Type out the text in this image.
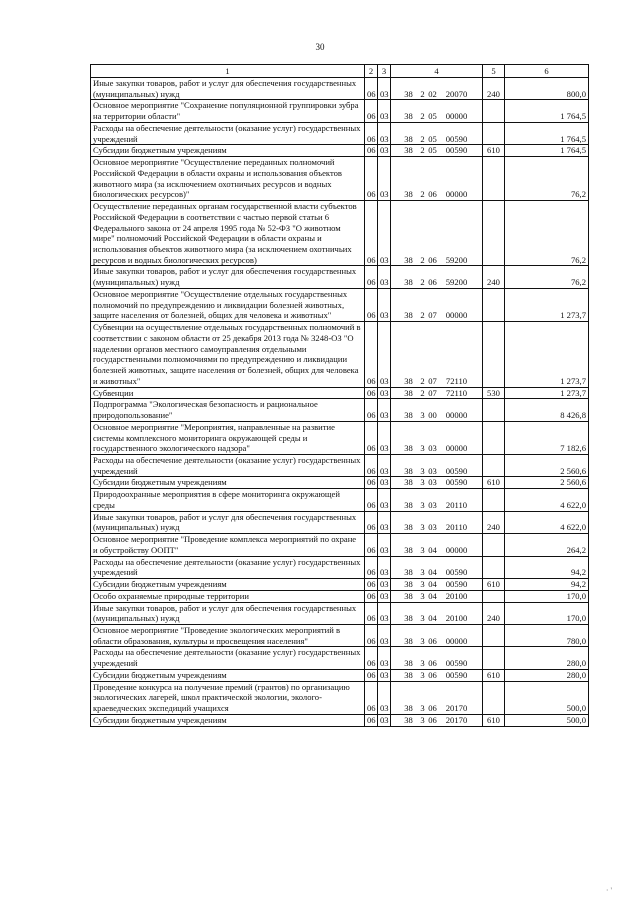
30
1	2	3	4	5	6
Иные закупки товаров, работ и услуг для обеспечения государственных (муниципальных) нужд	06	03	38 2 02 20070	240	800,0
Основное мероприятие "Сохранение популяционной группировки зубра на территории области"	06	03	38 2 05 00000		1 764,5
Расходы на обеспечение деятельности (оказание услуг) государственных учреждений	06	03	38 2 05 00590		1 764,5
Субсидии бюджетным учреждениям	06	03	38 2 05 00590	610	1 764,5
Основное мероприятие "Осуществление переданных полномочий Российской Федерации в области охраны и использования объектов животного мира (за исключением охотничьих ресурсов и водных биологических ресурсов)"	06	03	38 2 06 00000		76,2
Осуществление переданных органам государственной власти субъектов Российской Федерации в соответствии с частью первой статьи 6 Федерального закона от 24 апреля 1995 года № 52-ФЗ "О животном мире" полномочий Российской Федерации в области охраны и использования объектов животного мира (за исключением охотничьих ресурсов и водных биологических ресурсов)	06	03	38 2 06 59200		76,2
Иные закупки товаров, работ и услуг для обеспечения государственных (муниципальных) нужд	06	03	38 2 06 59200	240	76,2
Основное мероприятие "Осуществление отдельных государственных полномочий по предупреждению и ликвидации болезней животных, защите населения от болезней, общих для человека и животных"	06	03	38 2 07 00000		1 273,7
Субвенции на осуществление отдельных государственных полномочий в соответствии с законом области от 25 декабря 2013 года № 3248-ОЗ "О наделении органов местного самоуправления отдельными государственными полномочиями по предупреждению и ликвидации болезней животных, защите населения от болезней, общих для человека и животных"	06	03	38 2 07 72110		1 273,7
Субвенции	06	03	38 2 07 72110	530	1 273,7
Подпрограмма "Экологическая безопасность и рациональное природопользование"	06	03	38 3 00 00000		8 426,8
Основное мероприятие "Мероприятия, направленные на развитие системы комплексного мониторинга окружающей среды и государственного экологического надзора"	06	03	38 3 03 00000		7 182,6
Расходы на обеспечение деятельности (оказание услуг) государственных учреждений	06	03	38 3 03 00590		2 560,6
Субсидии бюджетным учреждениям	06	03	38 3 03 00590	610	2 560,6
Природоохранные мероприятия в сфере мониторинга окружающей среды	06	03	38 3 03 20110		4 622,0
Иные закупки товаров, работ и услуг для обеспечения государственных (муниципальных) нужд	06	03	38 3 03 20110	240	4 622,0
Основное мероприятие "Проведение комплекса мероприятий по охране и обустройству ООПТ"	06	03	38 3 04 00000		264,2
Расходы на обеспечение деятельности (оказание услуг) государственных учреждений	06	03	38 3 04 00590		94,2
Субсидии бюджетным учреждениям	06	03	38 3 04 00590	610	94,2
Особо охраняемые природные территории	06	03	38 3 04 20100		170,0
Иные закупки товаров, работ и услуг для обеспечения государственных (муниципальных) нужд	06	03	38 3 04 20100	240	170,0
Основное мероприятие "Проведение экологических мероприятий в области образования, культуры и просвещения населения"	06	03	38 3 06 00000		780,0
Расходы на обеспечение деятельности (оказание услуг) государственных учреждений	06	03	38 3 06 00590		280,0
Субсидии бюджетным учреждениям	06	03	38 3 06 00590	610	280,0
Проведение конкурса на получение премий (грантов) по организацию экологических лагерей, школ практической экологии, эколого-краеведческих экспедиций учащихся	06	03	38 3 06 20170		500,0
Субсидии бюджетным учреждениям	06	03	38 3 06 20170	610	500,0
· '
